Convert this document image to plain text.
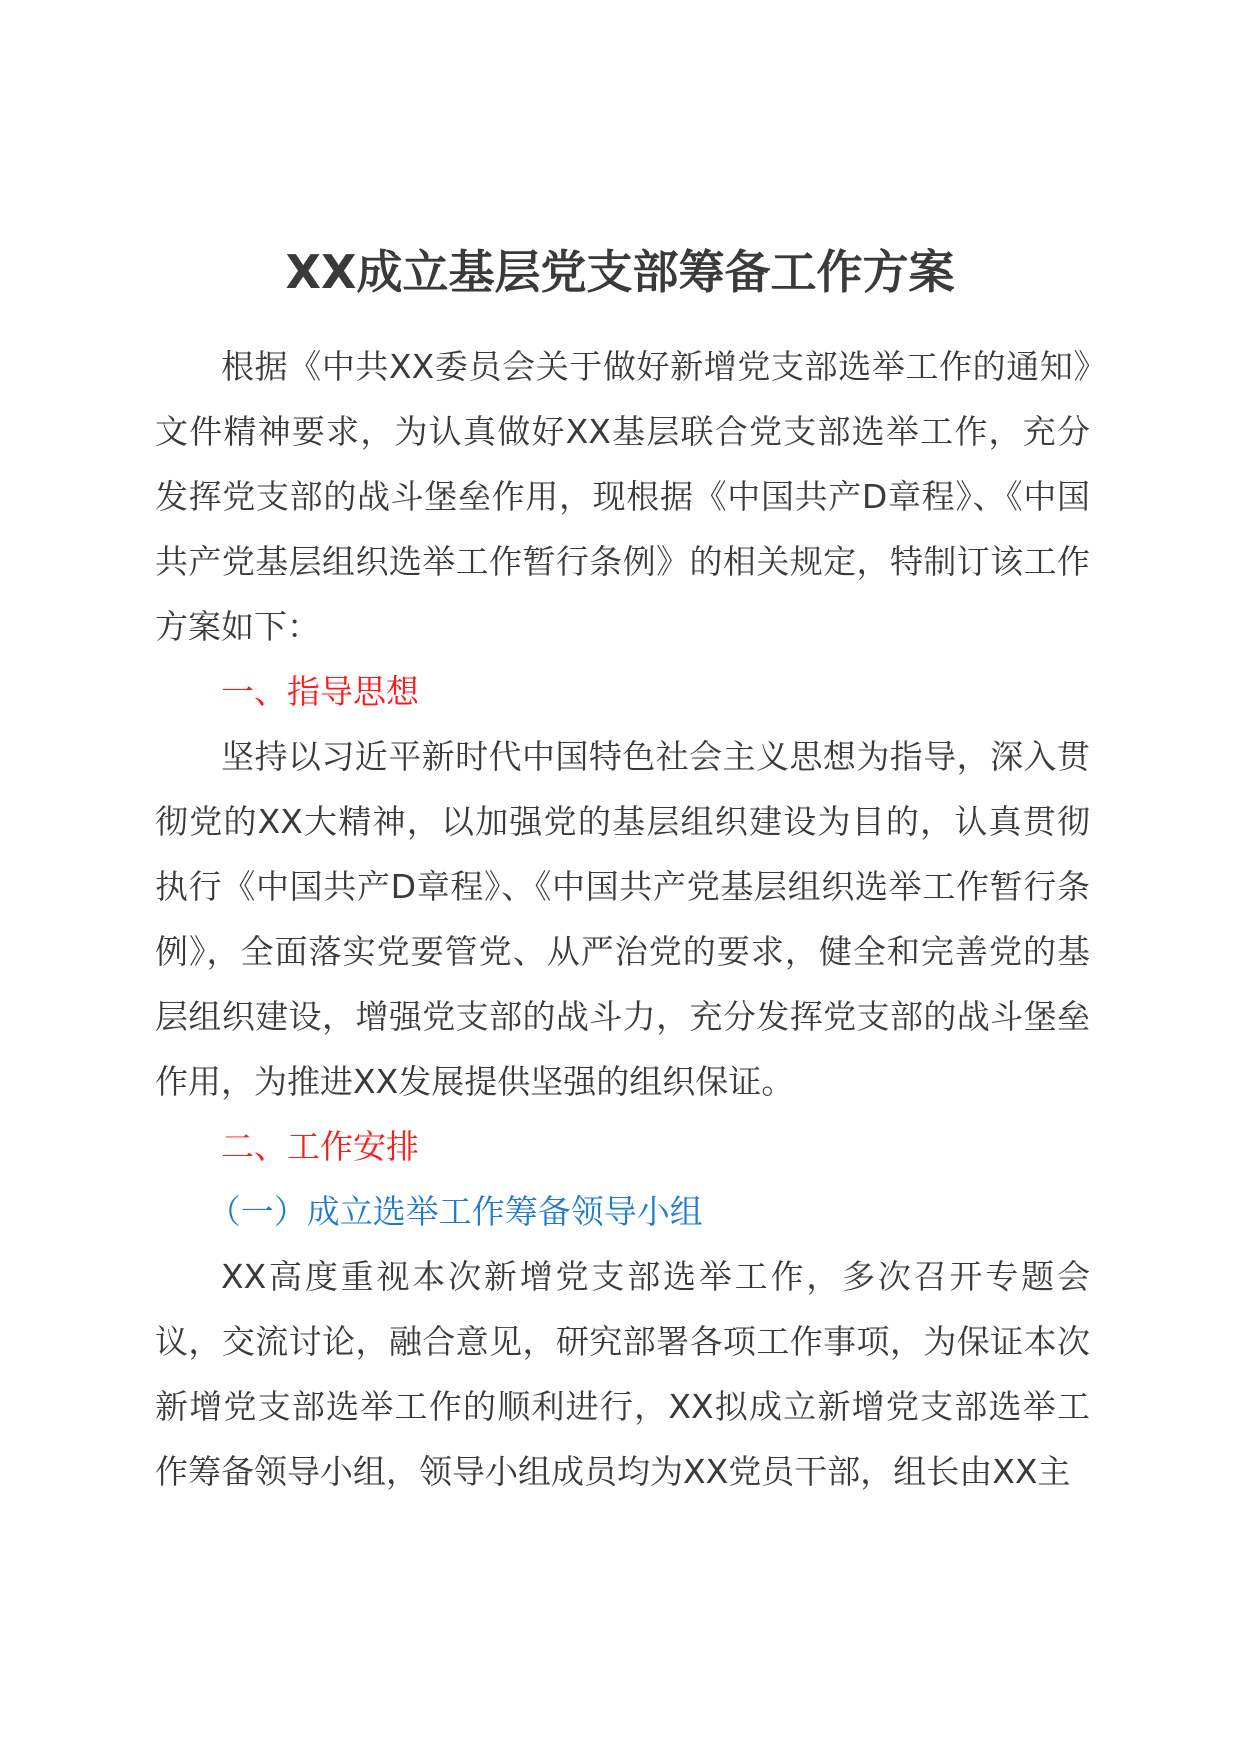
XX成立基层党支部筹备工作方案

根据《中共XX委员会关于做好新增党支部选举工作的通知》文件精神要求，为认真做好XX基层联合党支部选举工作，充分发挥党支部的战斗堡垒作用，现根据《中国共产D章程》、《中国共产党基层组织选举工作暂行条例》的相关规定，特制订该工作方案如下：

一、指导思想

坚持以习近平新时代中国特色社会主义思想为指导，深入贯彻党的XX大精神，以加强党的基层组织建设为目的，认真贯彻执行《中国共产D章程》、《中国共产党基层组织选举工作暂行条例》，全面落实党要管党、从严治党的要求，健全和完善党的基层组织建设，增强党支部的战斗力，充分发挥党支部的战斗堡垒作用，为推进XX发展提供坚强的组织保证。

二、工作安排

（一）成立选举工作筹备领导小组

XX高度重视本次新增党支部选举工作，多次召开专题会议，交流讨论，融合意见，研究部署各项工作事项，为保证本次新增党支部选举工作的顺利进行，XX拟成立新增党支部选举工作筹备领导小组，领导小组成员均为XX党员干部，组长由XX主
